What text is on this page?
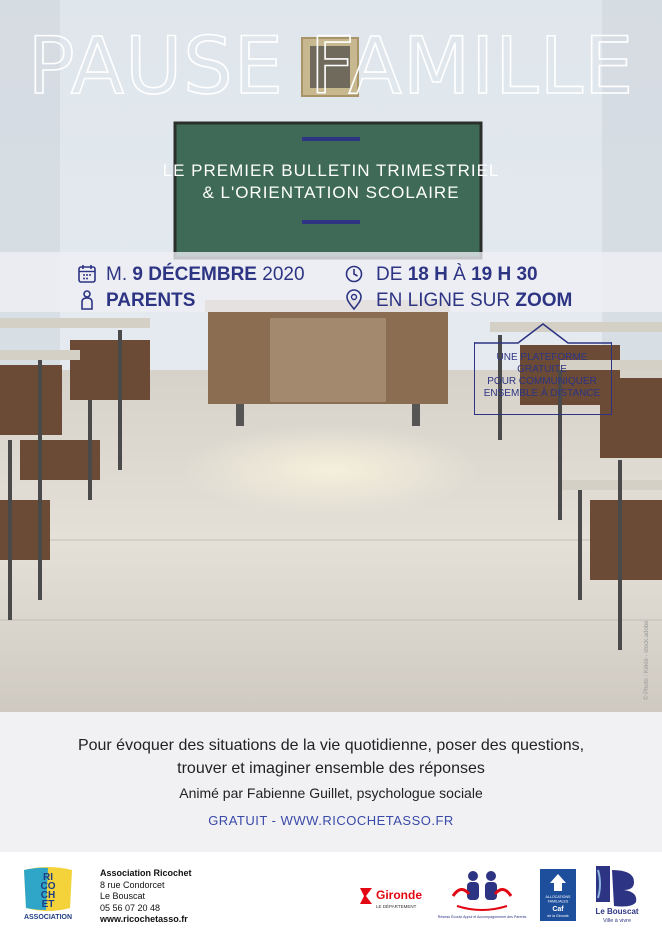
PAUSE FAMILLE
LE PREMIER BULLETIN TRIMESTRIEL
& L'ORIENTATION SCOLAIRE
M. 9 DÉCEMBRE 2020	DE 18 H À 19 H 30
PARENTS	EN LIGNE SUR ZOOM
UNE PLATEFORME
GRATUITE
POUR COMMUNIQUER
ENSEMBLE À DISTANCE
© Photo : Kéklé - stock.adobe
Pour évoquer des situations de la vie quotidienne, poser des questions,
trouver et imaginer ensemble des réponses
Animé par Fabienne Guillet, psychologue sociale
GRATUIT - WWW.RICOCHETASSO.FR
RI
CO
CH
ET
ASSOCIATION
Association Ricochet
8 rue Condorcet
Le Bouscat
05 56 07 20 48
www.ricochetasso.fr
Gironde
LE DÉPARTEMENT
Réseau Écoute Appui et Accompagnement des Parents
ALLOCATIONS
FAMILIALES
Caf
de la Gironde	Le Bouscat
Ville à vivre
